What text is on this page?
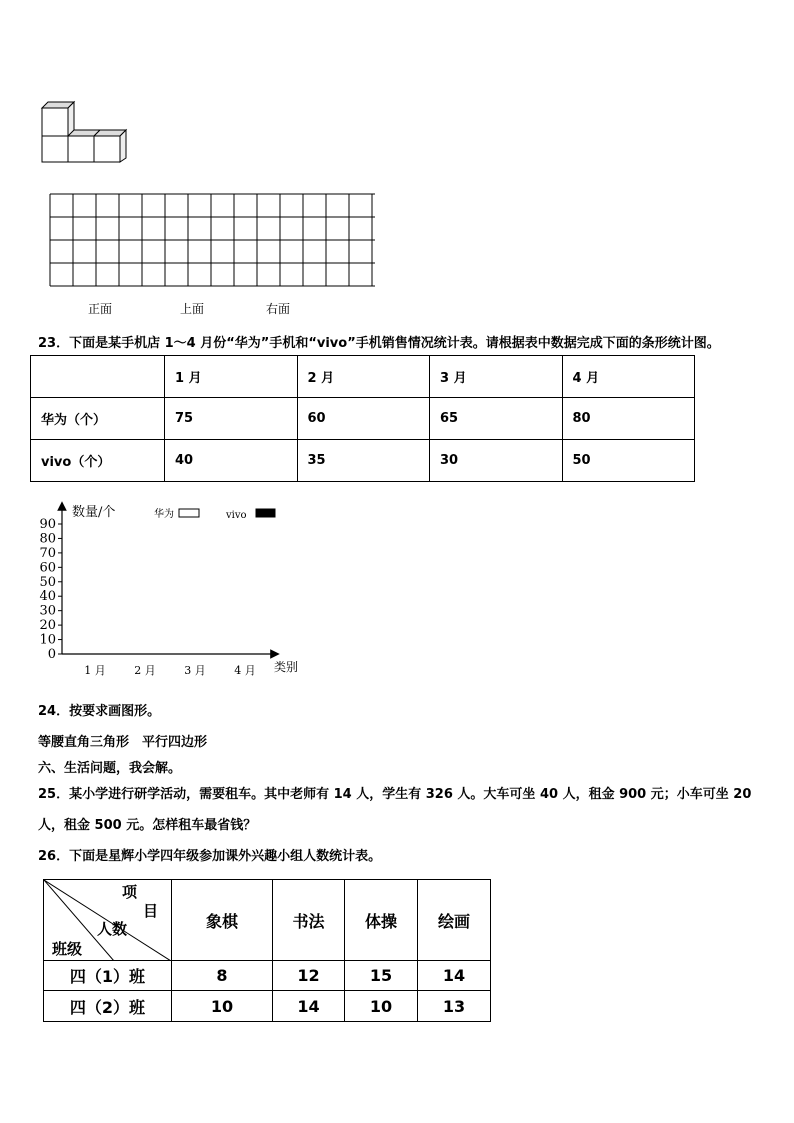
正面	上面	右面
23．下面是某手机店 1～4 月份“华为”手机和“vivo”手机销售情况统计表。请根据表中数据完成下面的条形统计图。
	1 月	2 月	3 月	4 月
华为（个）	75	60	65	80
vivo（个）	40	35	30	50
0
10
20
30
40
50
60
70
80
90
1 月	2 月	3 月	4 月
数量/个
类别
华为	vivo
24．按要求画图形。
等腰直角三角形　平行四边形
六、生活问题，我会解。
25．某小学进行研学活动，需要租车。其中老师有 14 人，学生有 326 人。大车可坐 40 人，租金 900 元；小车可坐 20
人，租金 500 元。怎样租车最省钱？
26．下面是星辉小学四年级参加课外兴趣小组人数统计表。
项
目
人数
班级	象棋	书法	体操	绘画
四（1）班	8	12	15	14
四（2）班	10	14	10	13
